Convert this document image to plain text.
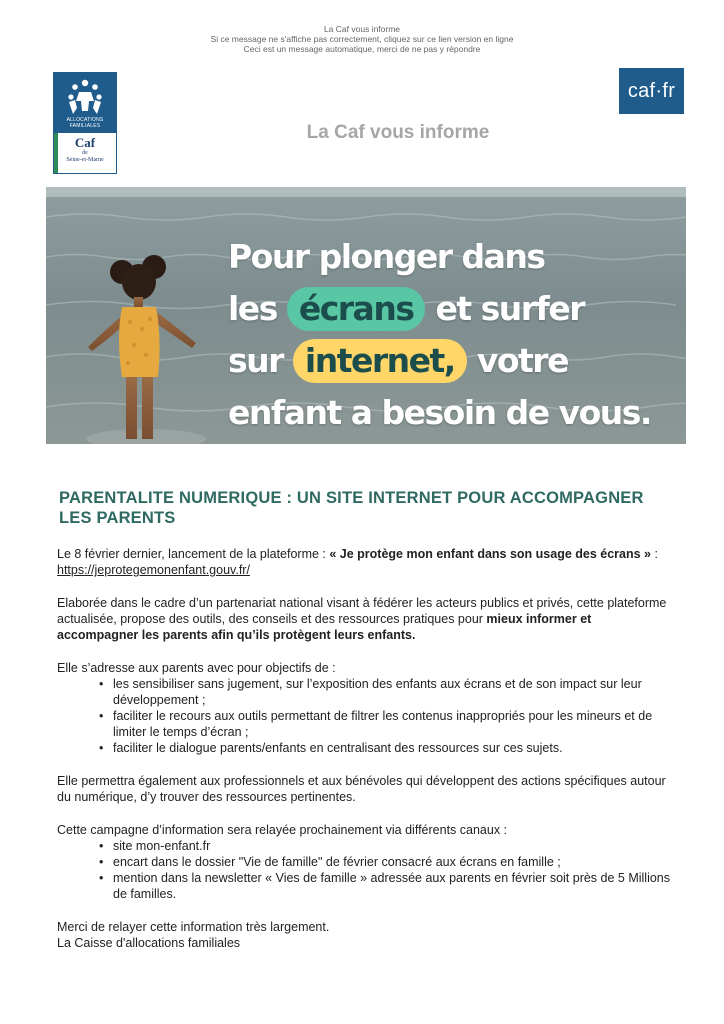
La Caf vous informe
Si ce message ne s'affiche pas correctement, cliquez sur ce lien version en ligne
Ceci est un message automatique, merci de ne pas y répondre
ALLOCATIONS
FAMILIALES
Caf
de
Seine-et-Marne
caf·fr
La Caf vous informe
Pour plonger dans
les écrans et surfer
sur internet, votre
enfant a besoin de vous.
PARENTALITE NUMERIQUE : UN SITE INTERNET POUR ACCOMPAGNER LES PARENTS

Le 8 février dernier, lancement de la plateforme : « Je protège mon enfant dans son usage des écrans » : https://jeprotegemonenfant.gouv.fr/

Elaborée dans le cadre d’un partenariat national visant à fédérer les acteurs publics et privés, cette plateforme actualisée, propose des outils, des conseils et des ressources pratiques pour mieux informer et accompagner les parents afin qu’ils protègent leurs enfants.

Elle s’adresse aux parents avec pour objectifs de :

• les sensibiliser sans jugement, sur l’exposition des enfants aux écrans et de son impact sur leur développement ;
• faciliter le recours aux outils permettant de filtrer les contenus inappropriés pour les mineurs et de limiter le temps d’écran ;
• faciliter le dialogue parents/enfants en centralisant des ressources sur ces sujets.

Elle permettra également aux professionnels et aux bénévoles qui développent des actions spécifiques autour du numérique, d’y trouver des ressources pertinentes.

Cette campagne d’information sera relayée prochainement via différents canaux :

• site mon-enfant.fr
• encart dans le dossier "Vie de famille" de février consacré aux écrans en famille ;
• mention dans la newsletter « Vies de famille » adressée aux parents en février soit près de 5 Millions de familles.

Merci de relayer cette information très largement.

La Caisse d'allocations familiales
